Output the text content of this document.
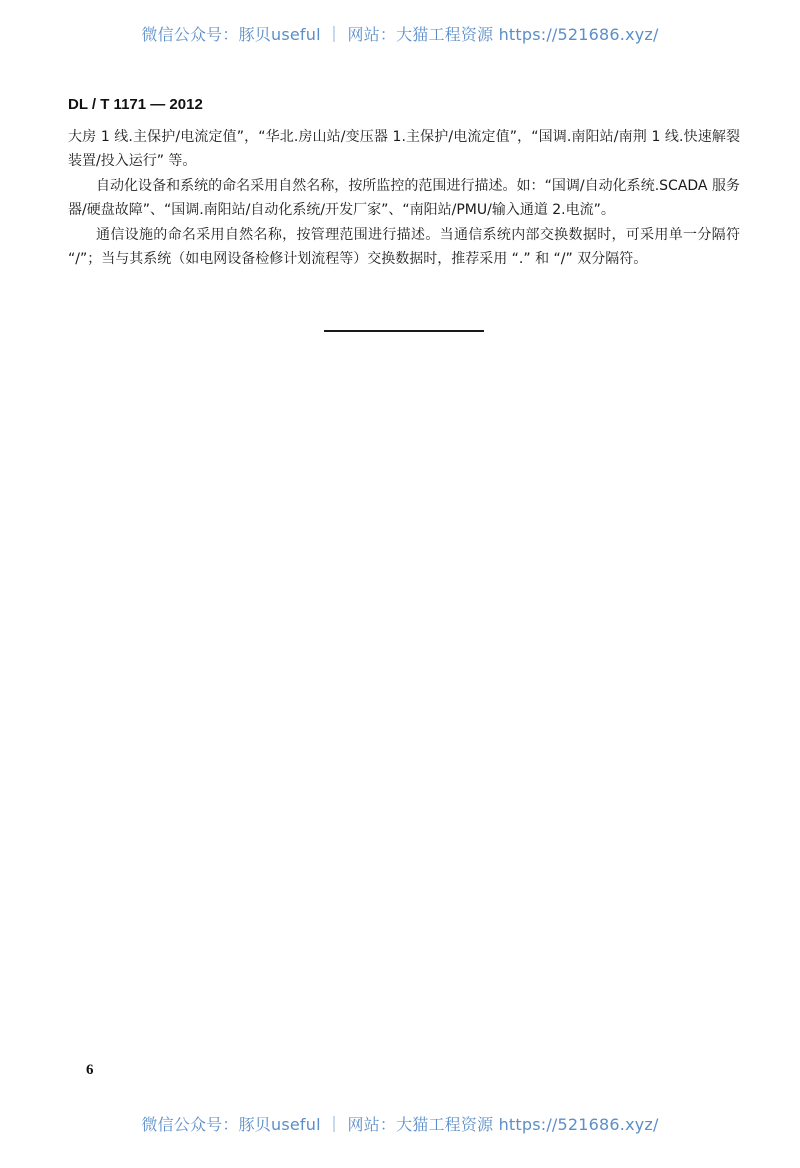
微信公众号：豚贝useful ｜ 网站：大猫工程资源 https://521686.xyz/
DL / T 1171 — 2012

大房 1 线.主保护/电流定值”，“华北.房山站/变压器 1.主保护/电流定值”，“国调.南阳站/南荆 1 线.快速解裂装置/投入运行” 等。

自动化设备和系统的命名采用自然名称，按所监控的范围进行描述。如：“国调/自动化系统.SCADA 服务器/硬盘故障”、“国调.南阳站/自动化系统/开发厂家”、“南阳站/PMU/输入通道 2.电流”。

通信设施的命名采用自然名称，按管理范围进行描述。当通信系统内部交换数据时，可采用单一分隔符 “/”；当与其系统（如电网设备检修计划流程等）交换数据时，推荐采用 “.” 和 “/” 双分隔符。

6
微信公众号：豚贝useful ｜ 网站：大猫工程资源 https://521686.xyz/
